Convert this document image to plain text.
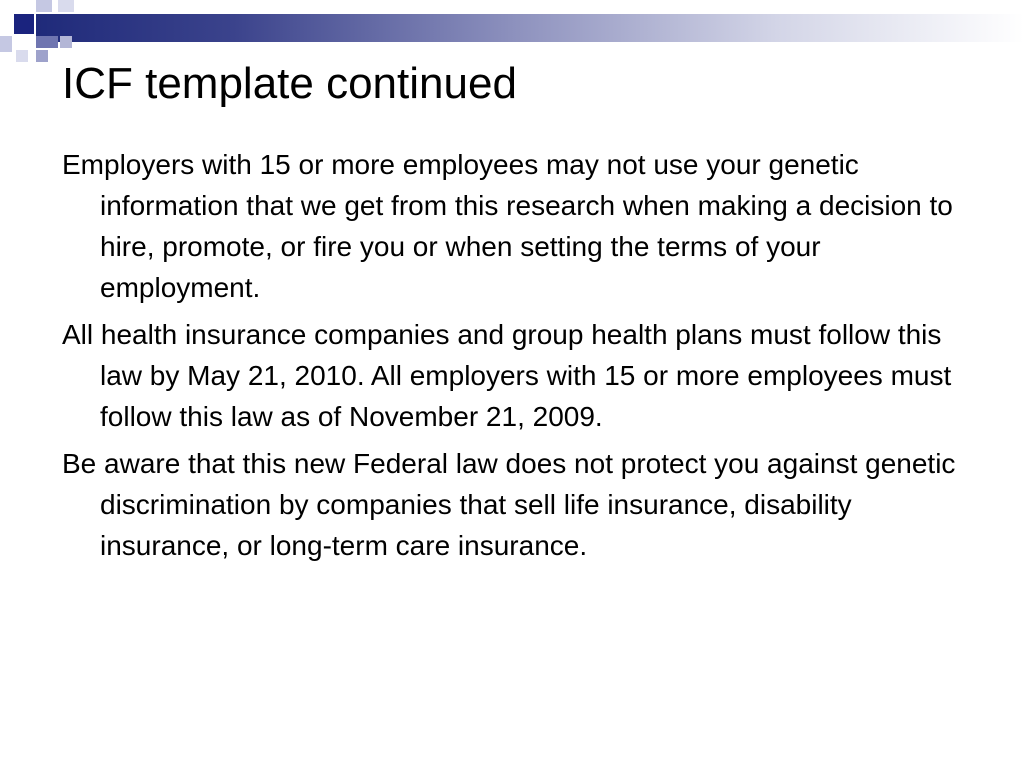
ICF template continued

Employers with 15 or more employees may not use your genetic information that we get from this research when making a decision to hire, promote, or fire you or when setting the terms of your employment.

All health insurance companies and group health plans must follow this law by May 21, 2010. All employers with 15 or more employees must follow this law as of November 21, 2009.

Be aware that this new Federal law does not protect you against genetic discrimination by companies that sell life insurance, disability insurance, or long-term care insurance.
